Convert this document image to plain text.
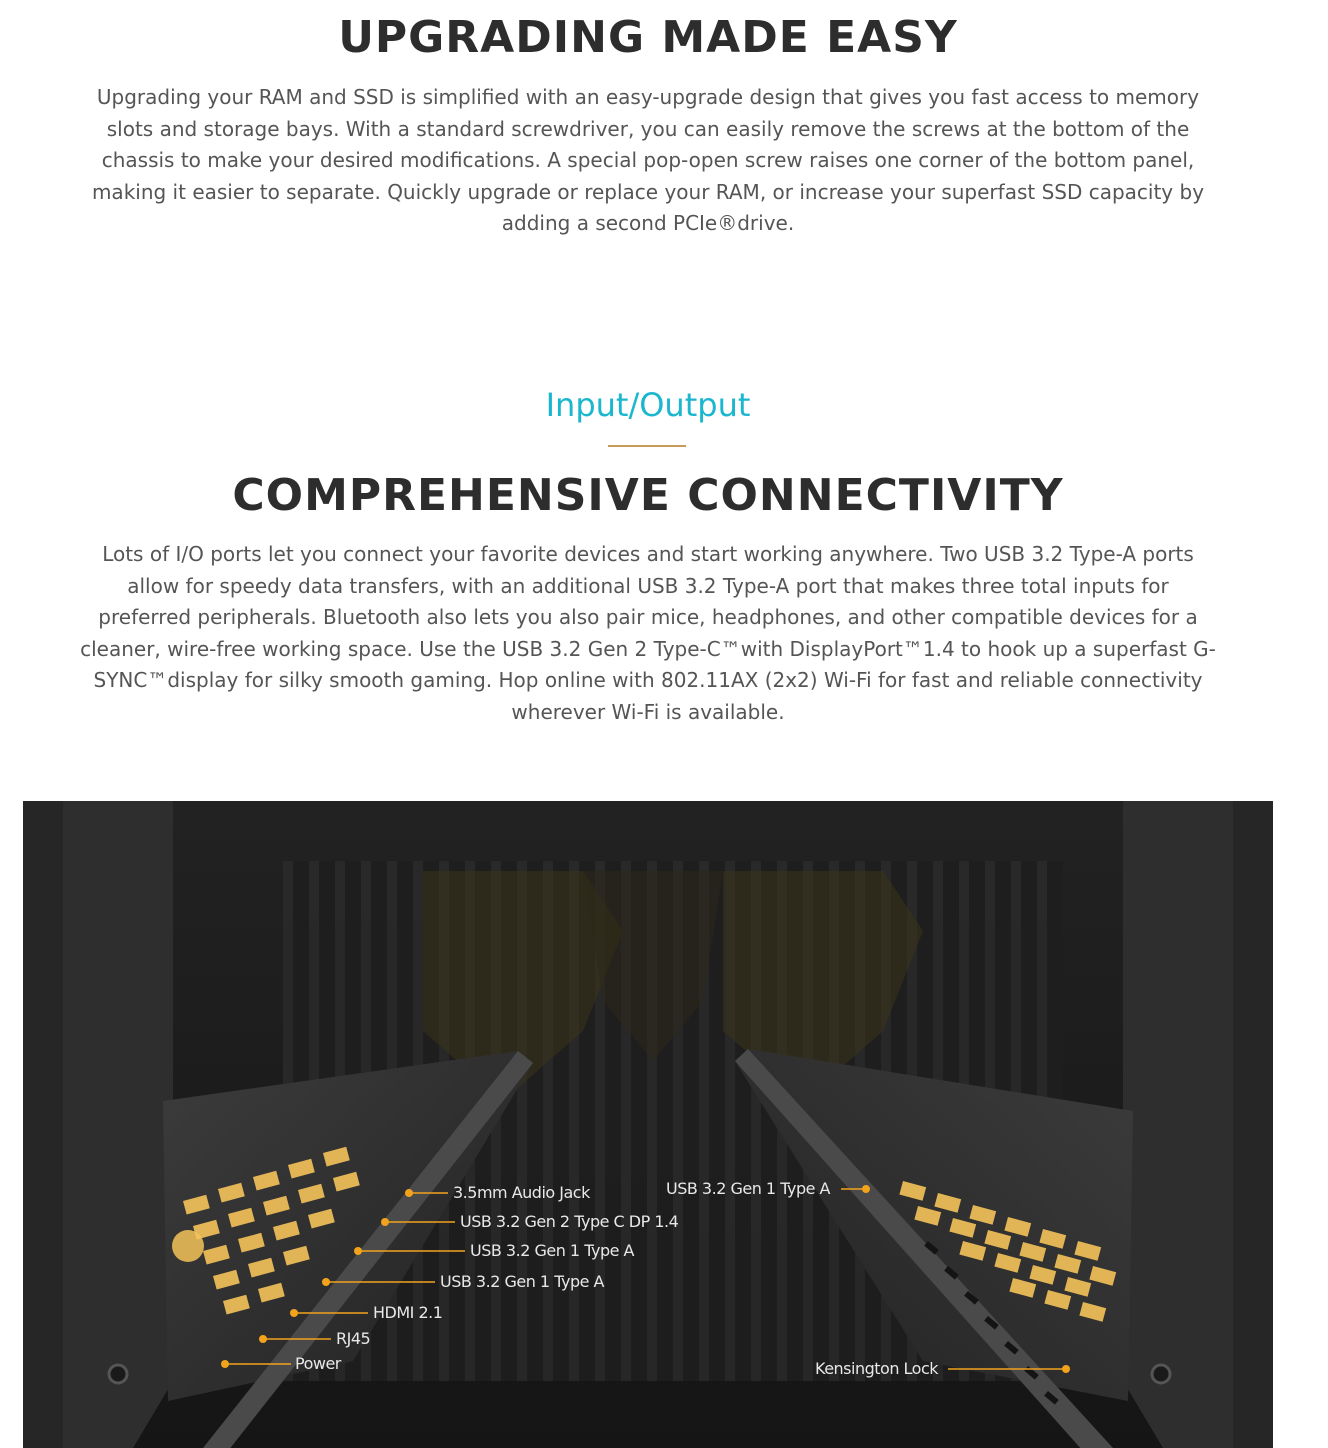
UPGRADING MADE EASY

Upgrading your RAM and SSD is simplified with an easy-upgrade design that gives you fast access to memory slots and storage bays. With a standard screwdriver, you can easily remove the screws at the bottom of the chassis to make your desired modifications. A special pop-open screw raises one corner of the bottom panel, making it easier to separate. Quickly upgrade or replace your RAM, or increase your superfast SSD capacity by adding a second PCIe®drive.

Input/Output
COMPREHENSIVE CONNECTIVITY

Lots of I/O ports let you connect your favorite devices and start working anywhere. Two USB 3.2 Type-A ports allow for speedy data transfers, with an additional USB 3.2 Type-A port that makes three total inputs for preferred peripherals. Bluetooth also lets you also pair mice, headphones, and other compatible devices for a cleaner, wire-free working space. Use the USB 3.2 Gen 2 Type-C™with DisplayPort™1.4 to hook up a superfast G-SYNC™display for silky smooth gaming. Hop online with 802.11AX (2x2) Wi-Fi for fast and reliable connectivity wherever Wi-Fi is available.

3.5mm Audio Jack
USB 3.2 Gen 2 Type C DP 1.4
USB 3.2 Gen 1 Type A
USB 3.2 Gen 1 Type A
HDMI 2.1
RJ45
Power
USB 3.2 Gen 1 Type A
Kensington Lock
